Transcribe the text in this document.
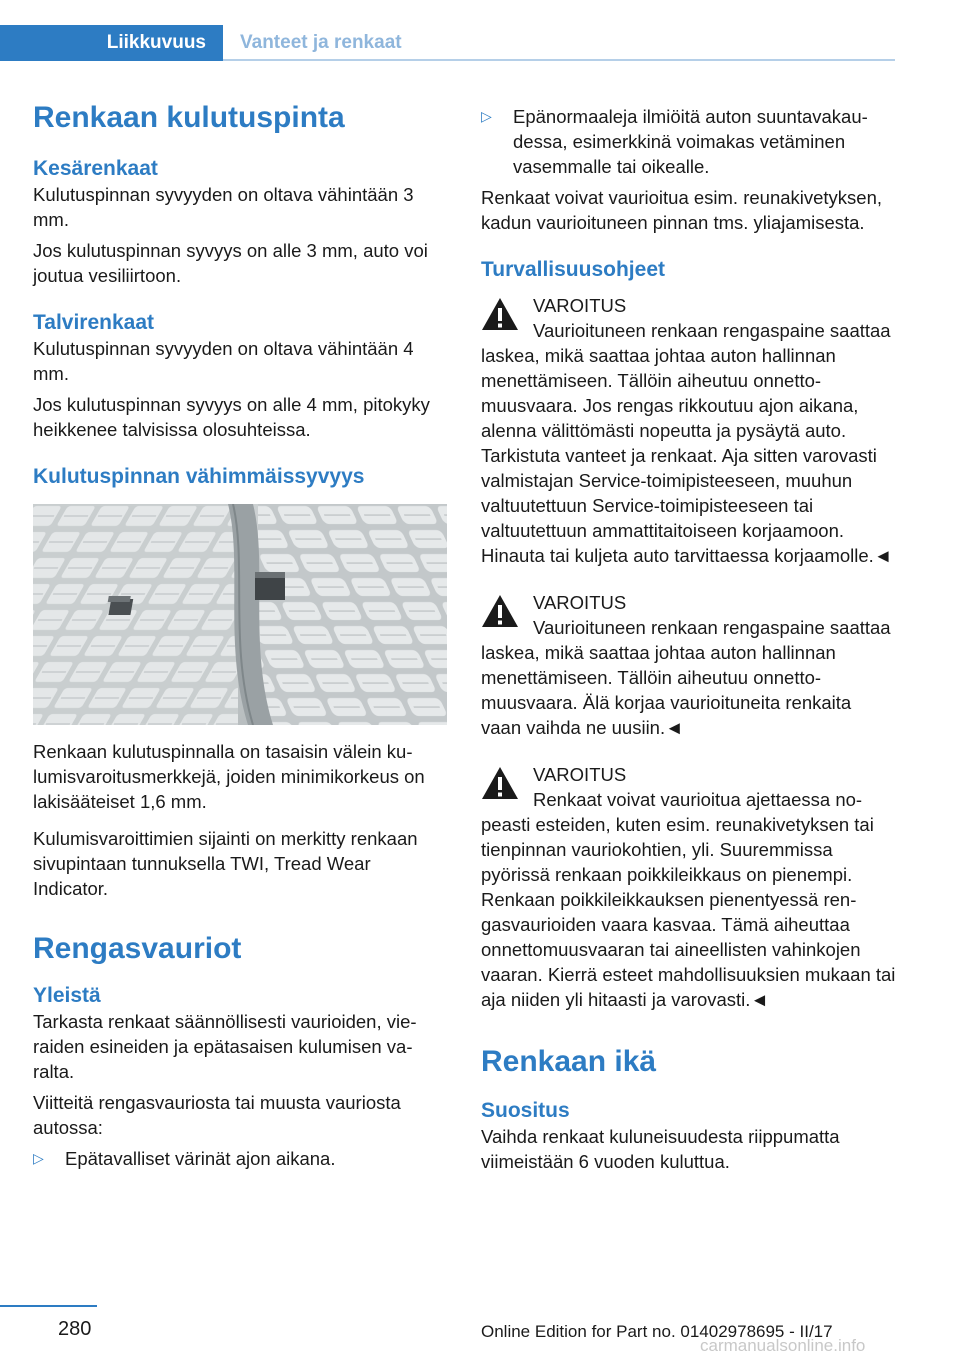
Liikkuvuus Vanteet ja renkaat
Renkaan kulutuspinta
Kesärenkaat

Kulutuspinnan syvyyden on oltava vähintään 3 mm.

Jos kulutuspinnan syvyys on alle 3 mm, auto voi joutua vesiliirtoon.

Talvirenkaat

Kulutuspinnan syvyyden on oltava vähintään 4 mm.

Jos kulutuspinnan syvyys on alle 4 mm, pitokyky heikkenee talvisissa olosuhteissa.

Kulutuspinnan vähimmäissyvyys

Renkaan kulutuspinnalla on tasaisin välein kulumisvaroitusmerkkejä, joiden minimikorkeus on lakisääteiset 1,6 mm.

Kulumisvaroittimien sijainti on merkitty renkaan sivupintaan tunnuksella TWI, Tread Wear Indicator.

Rengasvauriot
Yleistä

Tarkasta renkaat säännöllisesti vaurioiden, vieraiden esineiden ja epätasaisen kulumisen varalta.

Viitteitä rengasvauriosta tai muusta vauriosta autossa:

▷	Epätavalliset värinät ajon aikana.
▷	Epänormaaleja ilmiöitä auton suuntavakaudessa, esimerkkinä voimakas vetäminen vasemmalle tai oikealle.

Renkaat voivat vaurioitua esim. reunakivetyksen, kadun vaurioituneen pinnan tms. yliajamisesta.

Turvallisuusohjeet
VAROITUS

Vaurioituneen renkaan rengaspaine saattaa laskea, mikä saattaa johtaa auton hallinnan menettämiseen. Tällöin aiheutuu onnettomuusvaara. Jos rengas rikkoutuu ajon aikana, alenna välittömästi nopeutta ja pysäytä auto. Tarkistuta vanteet ja renkaat. Aja sitten varovasti valmistajan Service-toimipisteeseen, muuhun valtuutettuun Service-toimipisteeseen tai valtuutettuun ammattitaitoiseen korjaamoon. Hinauta tai kuljeta auto tarvittaessa korjaamolle.◄

VAROITUS

Vaurioituneen renkaan rengaspaine saattaa laskea, mikä saattaa johtaa auton hallinnan menettämiseen. Tällöin aiheutuu onnettomuusvaara. Älä korjaa vaurioituneita renkaita vaan vaihda ne uusiin.◄

VAROITUS

Renkaat voivat vaurioitua ajettaessa nopeasti esteiden, kuten esim. reunakivetyksen tai tienpinnan vauriokohtien, yli. Suuremmissa pyörissä renkaan poikkileikkaus on pienempi. Renkaan poikkileikkauksen pienentyessä rengasvaurioiden vaara kasvaa. Tämä aiheuttaa onnettomuusvaaran tai aineellisten vahinkojen vaaran. Kierrä esteet mahdollisuuksien mukaan tai aja niiden yli hitaasti ja varovasti.◄

Renkaan ikä
Suositus

Vaihda renkaat kuluneisuudesta riippumatta viimeistään 6 vuoden kuluttua.

280	Online Edition for Part no. 01402978695 - II/17
carmanualsonline.info
